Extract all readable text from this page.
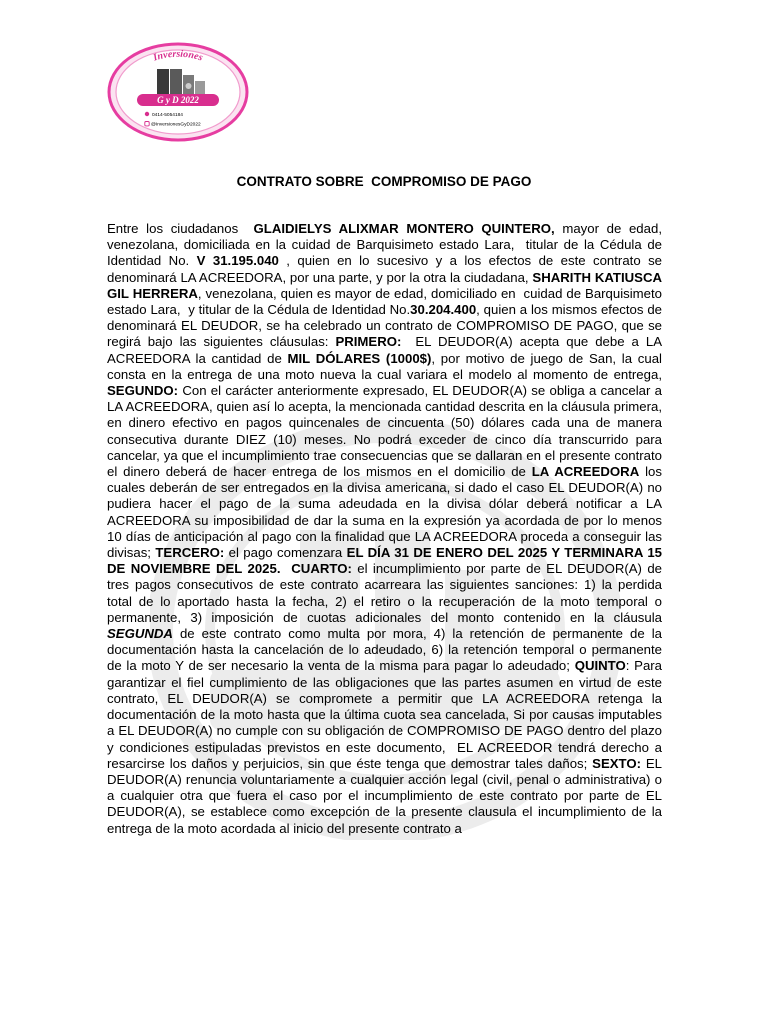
Inversiones
G y D 2022
0414-5054184
@InversionesGyD2022
CONTRATO SOBRE  COMPROMISO DE PAGO
Entre los ciudadanos  GLAIDIELYS ALIXMAR MONTERO QUINTERO, mayor de edad, venezolana, domiciliada en la cuidad de Barquisimeto estado Lara,  titular de la Cédula de Identidad No. V 31.195.040 , quien en lo sucesivo y a los efectos de este contrato se denominará LA ACREEDORA, por una parte, y por la otra la ciudadana, SHARITH KATIUSCA GIL HERRERA, venezolana, quien es mayor de edad, domiciliado en  cuidad de Barquisimeto estado Lara,  y titular de la Cédula de Identidad No.30.204.400, quien a los mismos efectos de denominará EL DEUDOR, se ha celebrado un contrato de COMPROMISO DE PAGO, que se regirá bajo las siguientes cláusulas: PRIMERO:  EL DEUDOR(A) acepta que debe a LA ACREEDORA la cantidad de MIL DÓLARES (1000$), por motivo de juego de San, la cual consta en la entrega de una moto nueva la cual variara el modelo al momento de entrega,  SEGUNDO: Con el carácter anteriormente expresado, EL DEUDOR(A) se obliga a cancelar a LA ACREEDORA, quien así lo acepta, la mencionada cantidad descrita en la cláusula primera, en dinero efectivo en pagos quincenales de cincuenta (50) dólares cada una de manera  consecutiva durante DIEZ (10) meses. No podrá exceder de cinco día transcurrido para cancelar, ya que el incumplimiento trae consecuencias que se dallaran en el presente contrato el dinero deberá de hacer entrega de los mismos en el domicilio de LA ACREEDORA los cuales deberán de ser entregados en la divisa americana, si dado el caso EL DEUDOR(A) no pudiera hacer el pago de la suma adeudada en la divisa dólar deberá notificar a LA ACREEDORA su imposibilidad de dar la suma en la expresión ya acordada de por lo menos 10 días de anticipación al pago con la finalidad que LA ACREEDORA proceda a conseguir las divisas; TERCERO: el pago comenzara EL DÍA 31 DE ENERO DEL 2025 Y TERMINARA 15 DE NOVIEMBRE DEL 2025. CUARTO: el incumplimiento por parte de EL DEUDOR(A) de tres pagos consecutivos de este contrato acarreara las siguientes sanciones: 1) la perdida total de lo aportado hasta la fecha, 2) el retiro o la recuperación de la moto temporal o permanente, 3) imposición de cuotas adicionales del monto contenido en la cláusula SEGUNDA de este contrato como multa por mora, 4) la retención de permanente de la documentación hasta la cancelación de lo adeudado, 6) la retención temporal o permanente de la moto Y de ser necesario la venta de la misma para pagar lo adeudado; QUINTO: Para garantizar el fiel cumplimiento de las obligaciones que las partes asumen en virtud de este contrato, EL DEUDOR(A) se compromete a permitir que LA ACREEDORA retenga la documentación de la moto hasta que la última cuota sea cancelada, Si por causas imputables a EL DEUDOR(A) no cumple con su obligación de COMPROMISO DE PAGO dentro del plazo y condiciones estipuladas previstos en este documento,  EL ACREEDOR tendrá derecho a resarcirse los daños y perjuicios, sin que éste tenga que demostrar tales daños; SEXTO: EL DEUDOR(A) renuncia voluntariamente a cualquier acción legal (civil, penal o administrativa) o a cualquier otra que fuera el caso por el incumplimiento de este contrato por parte de EL DEUDOR(A), se establece como excepción de la presente clausula el incumplimiento de la entrega de la moto acordada al inicio del presente contrato a
